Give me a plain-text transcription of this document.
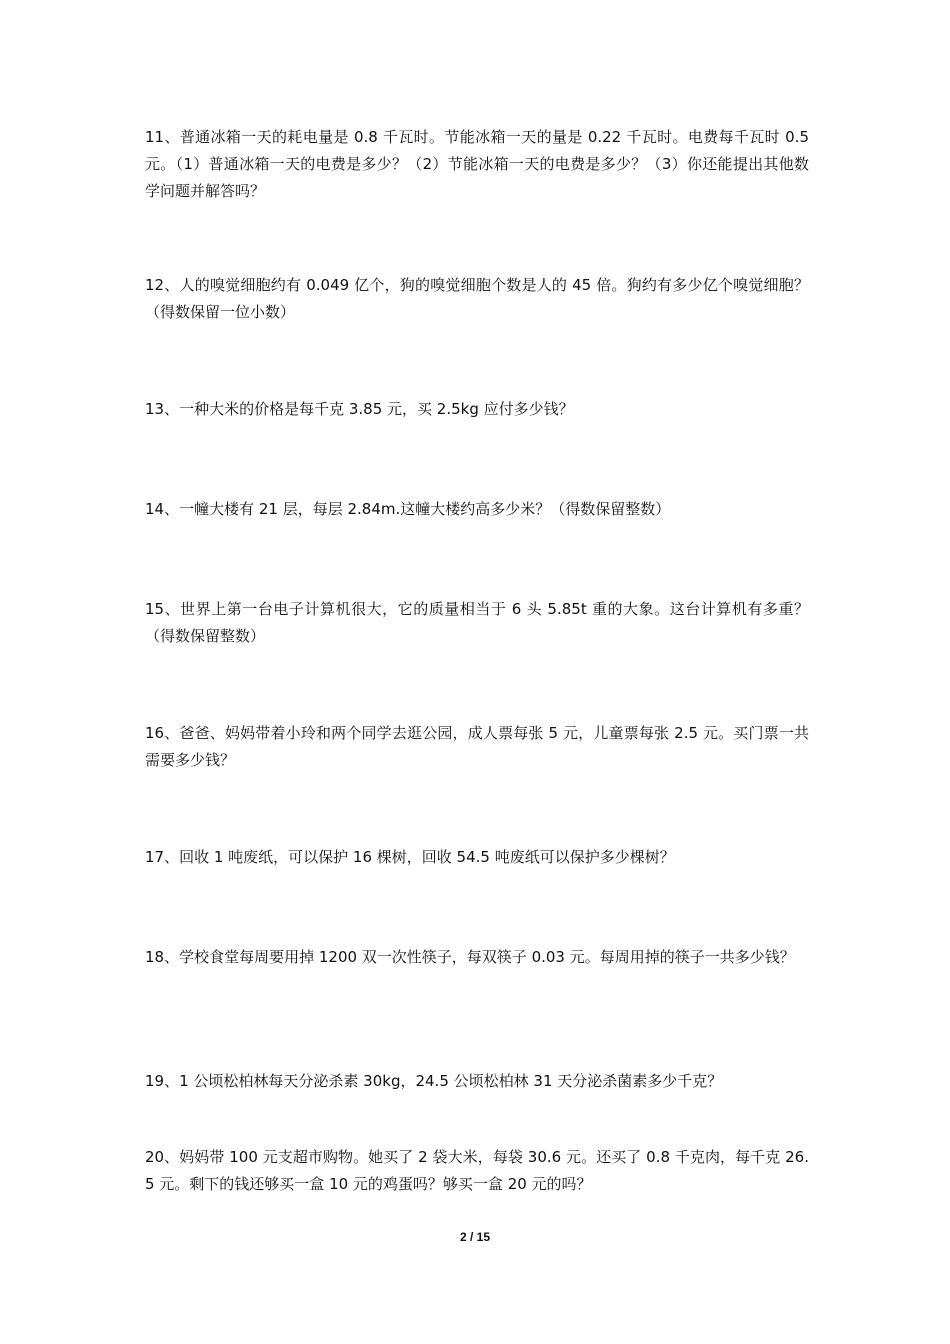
11、普通冰箱一天的耗电量是 0.8 千瓦时。节能冰箱一天的量是 0.22 千瓦时。电费每千瓦时 0.5 元。（1）普通冰箱一天的电费是多少？（2）节能冰箱一天的电费是多少？（3）你还能提出其他数学问题并解答吗？

12、人的嗅觉细胞约有 0.049 亿个，狗的嗅觉细胞个数是人的 45 倍。狗约有多少亿个嗅觉细胞？（得数保留一位小数）

13、一种大米的价格是每千克 3.85 元，买 2.5kg 应付多少钱？

14、一幢大楼有 21 层，每层 2.84m.这幢大楼约高多少米？（得数保留整数）

15、世界上第一台电子计算机很大，它的质量相当于 6 头 5.85t 重的大象。这台计算机有多重？（得数保留整数）

16、爸爸、妈妈带着小玲和两个同学去逛公园，成人票每张 5 元，儿童票每张 2.5 元。买门票一共需要多少钱？

17、回收 1 吨废纸，可以保护 16 棵树，回收 54.5 吨废纸可以保护多少棵树？

18、学校食堂每周要用掉 1200 双一次性筷子，每双筷子 0.03 元。每周用掉的筷子一共多少钱？

19、1 公顷松柏林每天分泌杀素 30kg，24.5 公顷松柏林 31 天分泌杀菌素多少千克？

20、妈妈带 100 元支超市购物。她买了 2 袋大米，每袋 30.6 元。还买了 0.8 千克肉，每千克 26.5 元。剩下的钱还够买一盒 10 元的鸡蛋吗？够买一盒 20 元的吗？

2 / 15
